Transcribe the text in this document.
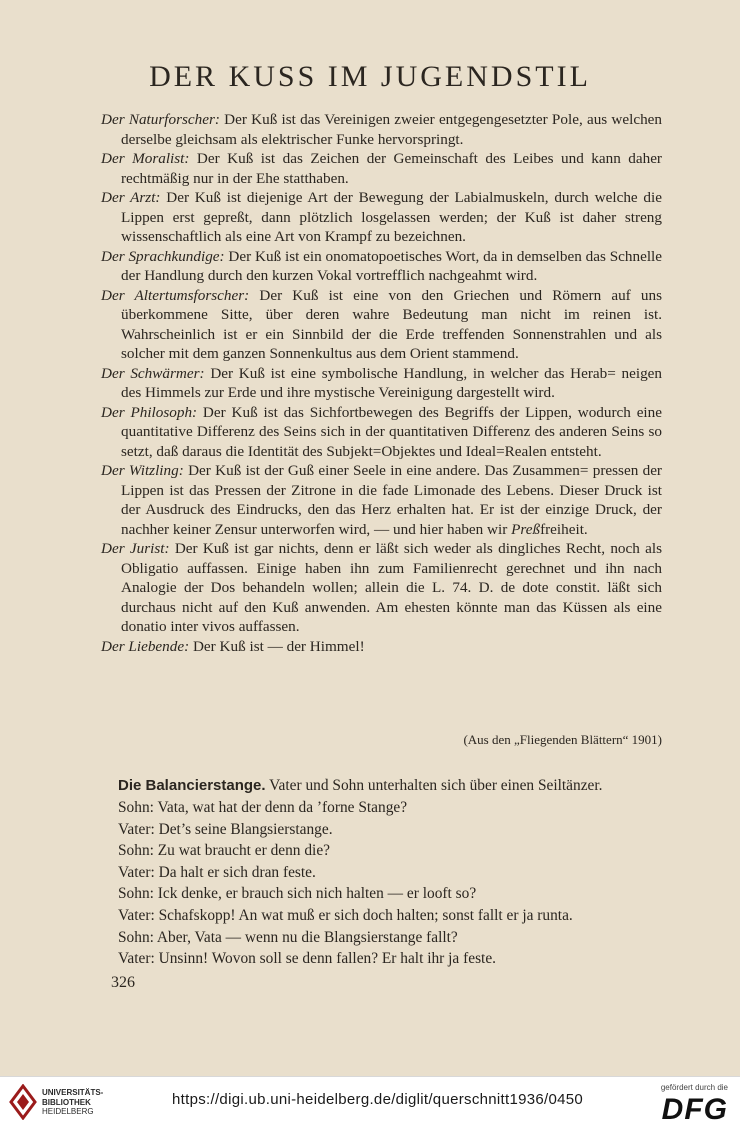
DER KUSS IM JUGENDSTIL

Der Naturforscher: Der Kuß ist das Vereinigen zweier entgegengesetzter Pole, aus welchen derselbe gleichsam als elektrischer Funke hervorspringt.

Der Moralist: Der Kuß ist das Zeichen der Gemeinschaft des Leibes und kann daher rechtmäßig nur in der Ehe statthaben.

Der Arzt: Der Kuß ist diejenige Art der Bewegung der Labialmuskeln, durch welche die Lippen erst gepreßt, dann plötzlich losgelassen werden; der Kuß ist daher streng wissenschaftlich als eine Art von Krampf zu bezeichnen.

Der Sprachkundige: Der Kuß ist ein onomatopoetisches Wort, da in demselben das Schnelle der Handlung durch den kurzen Vokal vortrefflich nachgeahmt wird.

Der Altertumsforscher: Der Kuß ist eine von den Griechen und Römern auf uns überkommene Sitte, über deren wahre Bedeutung man nicht im reinen ist. Wahrscheinlich ist er ein Sinnbild der die Erde treffenden Sonnenstrahlen und als solcher mit dem ganzen Sonnenkultus aus dem Orient stammend.

Der Schwärmer: Der Kuß ist eine symbolische Handlung, in welcher das Herab= neigen des Himmels zur Erde und ihre mystische Vereinigung dargestellt wird.

Der Philosoph: Der Kuß ist das Sichfortbewegen des Begriffs der Lippen, wodurch eine quantitative Differenz des Seins sich in der quantitativen Differenz des anderen Seins so setzt, daß daraus die Identität des Subjekt=Objektes und Ideal=Realen entsteht.

Der Witzling: Der Kuß ist der Guß einer Seele in eine andere. Das Zusammen= pressen der Lippen ist das Pressen der Zitrone in die fade Limonade des Lebens. Dieser Druck ist der Ausdruck des Eindrucks, den das Herz erhalten hat. Er ist der einzige Druck, der nachher keiner Zensur unterworfen wird, — und hier haben wir Preßfreiheit.

Der Jurist: Der Kuß ist gar nichts, denn er läßt sich weder als dingliches Recht, noch als Obligatio auffassen. Einige haben ihn zum Familienrecht gerechnet und ihn nach Analogie der Dos behandeln wollen; allein die L. 74. D. de dote constit. läßt sich durchaus nicht auf den Kuß anwenden. Am ehesten könnte man das Küssen als eine donatio inter vivos auffassen.

Der Liebende: Der Kuß ist — der Himmel!

(Aus den „Fliegenden Blättern“ 1901)

Die Balancierstange. Vater und Sohn unterhalten sich über einen Seiltänzer.

Sohn: Vata, wat hat der denn da ’forne Stange?

Vater: Det’s seine Blangsierstange.

Sohn: Zu wat braucht er denn die?

Vater: Da halt er sich dran feste.

Sohn: Ick denke, er brauch sich nich halten — er looft so?

Vater: Schafskopp! An wat muß er sich doch halten; sonst fallt er ja runta.

Sohn: Aber, Vata — wenn nu die Blangsierstange fallt?

Vater: Unsinn! Wovon soll se denn fallen? Er halt ihr ja feste.

326

UNIVERSITÄTS-
BIBLIOTHEK
HEIDELBERG
https://digi.ub.uni-heidelberg.de/diglit/querschnitt1936/0450
gefördert durch die
DFG
